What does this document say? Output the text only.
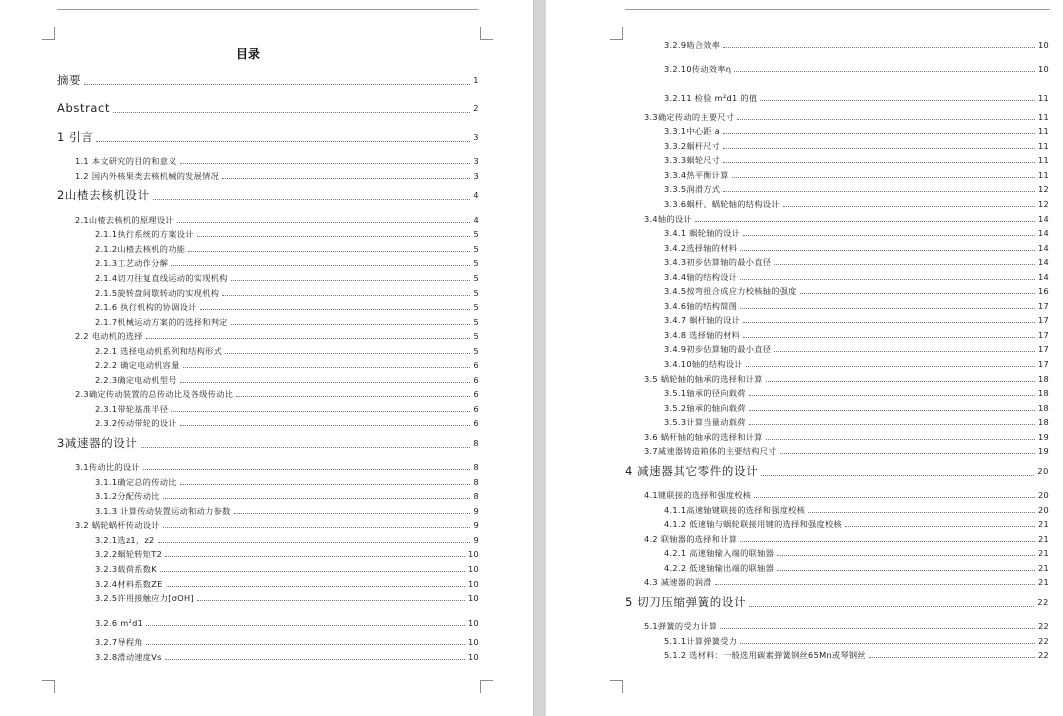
目录
摘要	1
Abstract	2
1 引言	3
1.1 本文研究的目的和意义	3
1.2 国内外核果类去核机械的发展情况	3
2山楂去核机设计	4
2.1山楂去核机的原理设计	4
2.1.1执行系统的方案设计	5
2.1.2山楂去核机的功能	5
2.1.3工艺动作分解	5
2.1.4切刀往复直线运动的实现机构	5
2.1.5旋转盘间歇转动的实现机构	5
2.1.6 执行机构的协调设计	5
2.1.7机械运动方案的的选择和判定	5
2.2 电动机的选择	5
2.2.1 选择电动机系列和结构形式	5
2.2.2 确定电动机容量	6
2.2.3确定电动机型号	6
2.3确定传动装置的总传动比及各级传动比	6
2.3.1带轮基准半径	6
2.3.2传动带轮的设计	6
3减速器的设计	8
3.1传动比的设计	8
3.1.1确定总的传动比	8
3.1.2分配传动比	8
3.1.3 计算传动装置运动和动力参数	9
3.2 蜗轮蜗杆传动设计	9
3.2.1选z1，z2	9
3.2.2蜗轮转矩T2	10
3.2.3载荷系数K	10
3.2.4材料系数ZE	10
3.2.5许用接触应力[σOH]	10
3.2.6 m²d1	10
3.2.7导程角	10
3.2.8滑动速度Vs	10
3.2.9啮合效率	10
3.2.10传动效率η	10
3.2.11 检验 m²d1 的值	11
3.3确定传动的主要尺寸	11
3.3.1中心距 a	11
3.3.2蜗杆尺寸	11
3.3.3蜗轮尺寸	11
3.3.4热平衡计算	11
3.3.5润滑方式	12
3.3.6蜗杆、蜗轮轴的结构设计	12
3.4轴的设计	14
3.4.1 蜗轮轴的设计	14
3.4.2选择轴的材料	14
3.4.3初步估算轴的最小直径	14
3.4.4轴的结构设计	14
3.4.5按弯扭合成应力校核轴的强度	16
3.4.6轴的结构简图	17
3.4.7 蜗杆轴的设计	17
3.4.8 选择轴的材料	17
3.4.9初步估算轴的最小直径	17
3.4.10轴的结构设计	17
3.5 蜗轮轴的轴承的选择和计算	18
3.5.1轴承的径向载荷	18
3.5.2轴承的轴向载荷	18
3.5.3计算当量动载荷	18
3.6 蜗杆轴的轴承的选择和计算	19
3.7减速器铸造箱体的主要结构尺寸	19
4 减速器其它零件的设计	20
4.1键联接的选择和强度校核	20
4.1.1高速轴键联接的选择和强度校核	20
4.1.2 低速轴与蜗轮联接用键的选择和强度校核	21
4.2 联轴器的选择和计算	21
4.2.1 高速轴输入端的联轴器	21
4.2.2 低速轴输出端的联轴器	21
4.3 减速器的润滑	21
5 切刀压缩弹簧的设计	22
5.1弹簧的受力计算	22
5.1.1计算弹簧受力	22
5.1.2 选材料：一般选用碳素弹簧钢丝65Mn或琴钢丝	22
